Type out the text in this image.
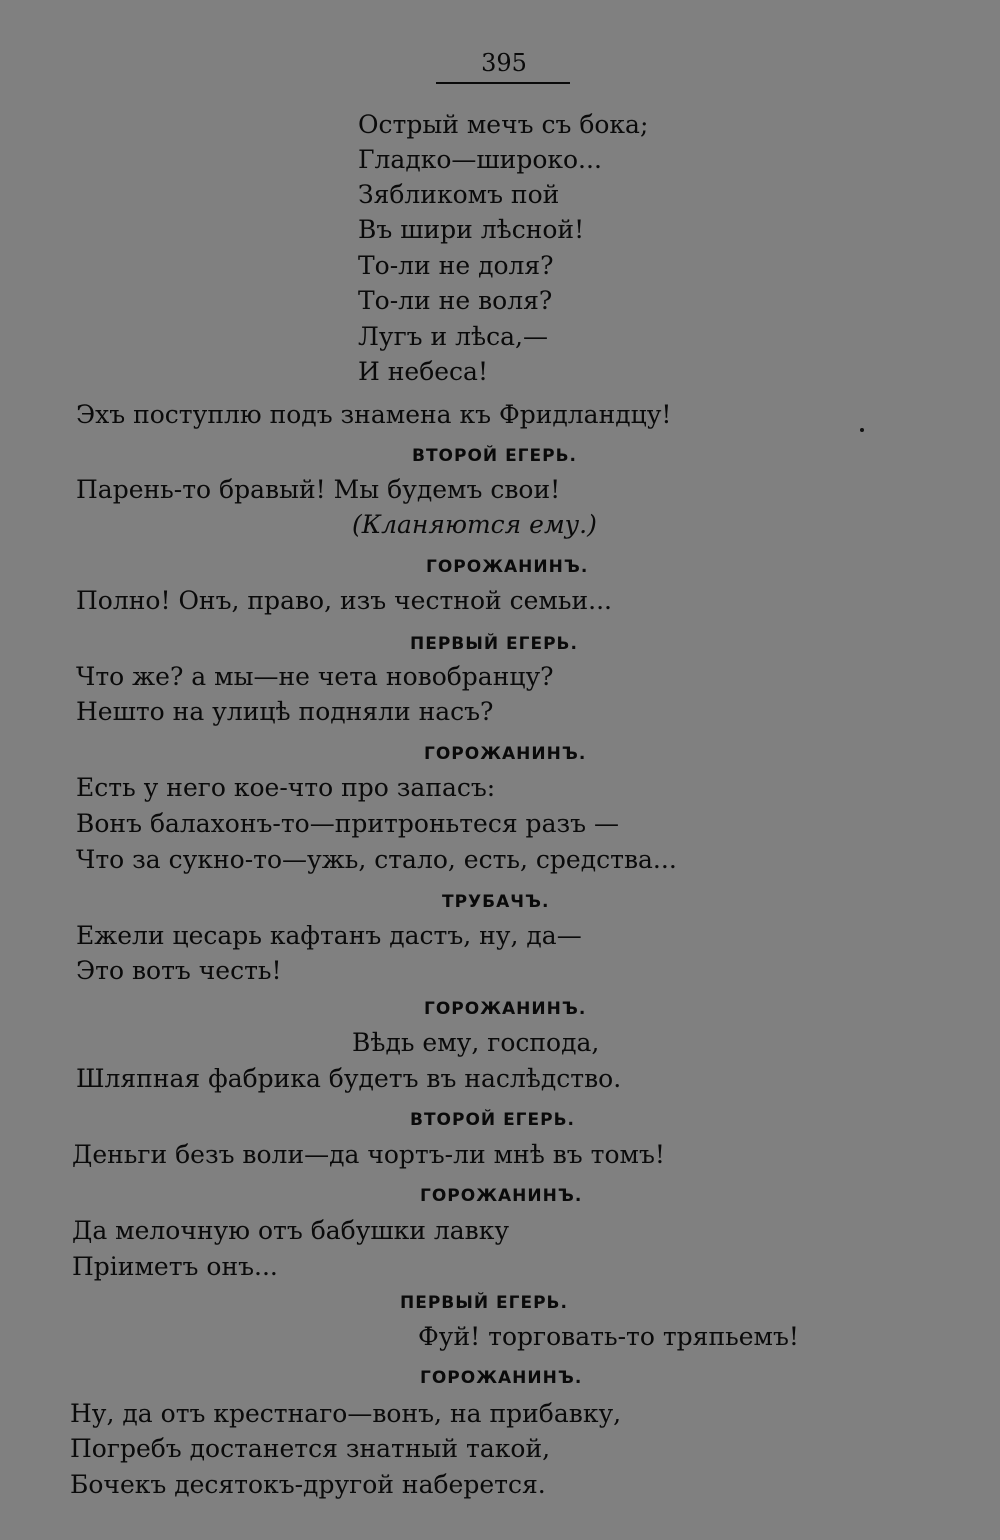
395
Острый мечъ съ бока;
Гладко—широко...
Зябликомъ пой
Въ шири лѣсной!
То-ли не доля?
То-ли не воля?
Лугъ и лѣса,—
И небеса!
Эхъ поступлю подъ знамена къ Фридландцу!
ВТОРОЙ ЕГЕРЬ.
Парень-то бравый! Мы будемъ свои!
(Кланяются ему.)
ГОРОЖАНИНЪ.
Полно! Онъ, право, изъ честной семьи...
ПЕРВЫЙ ЕГЕРЬ.
Что же? а мы—не чета новобранцу?
Нешто на улицѣ подняли насъ?
ГОРОЖАНИНЪ.
Есть у него кое-что про запасъ:
Вонъ балахонъ-то—притроньтеся разъ —
Что за сукно-то—ужь, стало, есть, средства...
ТРУБАЧЪ.
Ежели цесарь кафтанъ дастъ, ну, да—
Это вотъ честь!
ГОРОЖАНИНЪ.
Вѣдь ему, господа,
Шляпная фабрика будетъ въ наслѣдство.
ВТОРОЙ ЕГЕРЬ.
Деньги безъ воли—да чортъ-ли мнѣ въ томъ!
ГОРОЖАНИНЪ.
Да мелочную отъ бабушки лавку
Пріиметъ онъ...
ПЕРВЫЙ ЕГЕРЬ.
Фуй! торговать-то тряпьемъ!
ГОРОЖАНИНЪ.
Ну, да отъ крестнаго—вонъ, на прибавку,
Погребъ достанется знатный такой,
Бочекъ десятокъ-другой наберется.
